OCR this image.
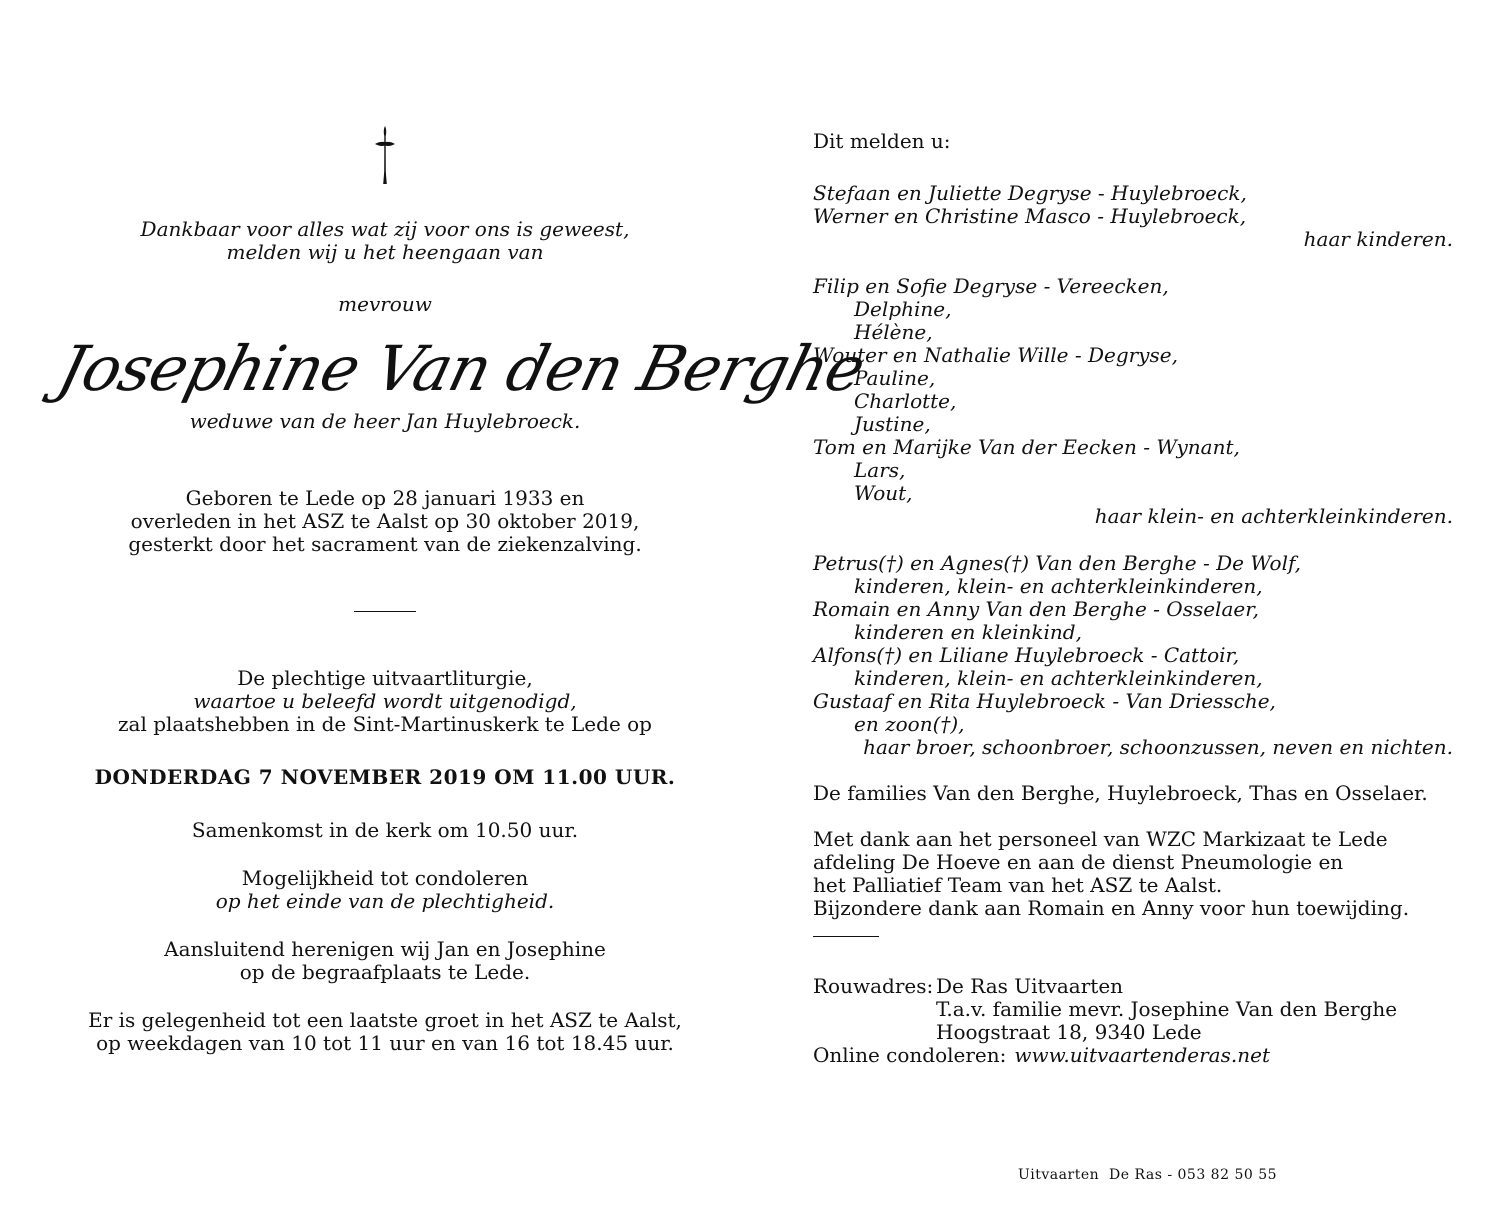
Dankbaar voor alles wat zij voor ons is geweest,
melden wij u het heengaan van
mevrouw
Josephine Van den Berghe
weduwe van de heer Jan Huylebroeck.
Geboren te Lede op 28 januari 1933 en
overleden in het ASZ te Aalst op 30 oktober 2019,
gesterkt door het sacrament van de ziekenzalving.
De plechtige uitvaartliturgie,
waartoe u beleefd wordt uitgenodigd,
zal plaatshebben in de Sint-Martinuskerk te Lede op
DONDERDAG 7 NOVEMBER 2019 OM 11.00 UUR.
Samenkomst in de kerk om 10.50 uur.
Mogelijkheid tot condoleren
op het einde van de plechtigheid.
Aansluitend herenigen wij Jan en Josephine
op de begraafplaats te Lede.
Er is gelegenheid tot een laatste groet in het ASZ te Aalst,
op weekdagen van 10 tot 11 uur en van 16 tot 18.45 uur.
Dit melden u:
Stefaan en Juliette Degryse - Huylebroeck,
Werner en Christine Masco - Huylebroeck,
haar kinderen.
Filip en Sofie Degryse - Vereecken,
Delphine,
Hélène,
Wouter en Nathalie Wille - Degryse,
Pauline,
Charlotte,
Justine,
Tom en Marijke Van der Eecken - Wynant,
Lars,
Wout,
haar klein- en achterkleinkinderen.
Petrus(†) en Agnes(†) Van den Berghe - De Wolf,
kinderen, klein- en achterkleinkinderen,
Romain en Anny Van den Berghe - Osselaer,
kinderen en kleinkind,
Alfons(†) en Liliane Huylebroeck - Cattoir,
kinderen, klein- en achterkleinkinderen,
Gustaaf en Rita Huylebroeck - Van Driessche,
en zoon(†),
haar broer, schoonbroer, schoonzussen, neven en nichten.
De families Van den Berghe, Huylebroeck, Thas en Osselaer.
Met dank aan het personeel van WZC Markizaat te Lede
afdeling De Hoeve en aan de dienst Pneumologie en
het Palliatief Team van het ASZ te Aalst.
Bijzondere dank aan Romain en Anny voor hun toewijding.
Rouwadres: De Ras Uitvaarten
T.a.v. familie mevr. Josephine Van den Berghe
Hoogstraat 18, 9340 Lede
Online condoleren: www.uitvaartenderas.net
Uitvaarten  De Ras - 053 82 50 55
